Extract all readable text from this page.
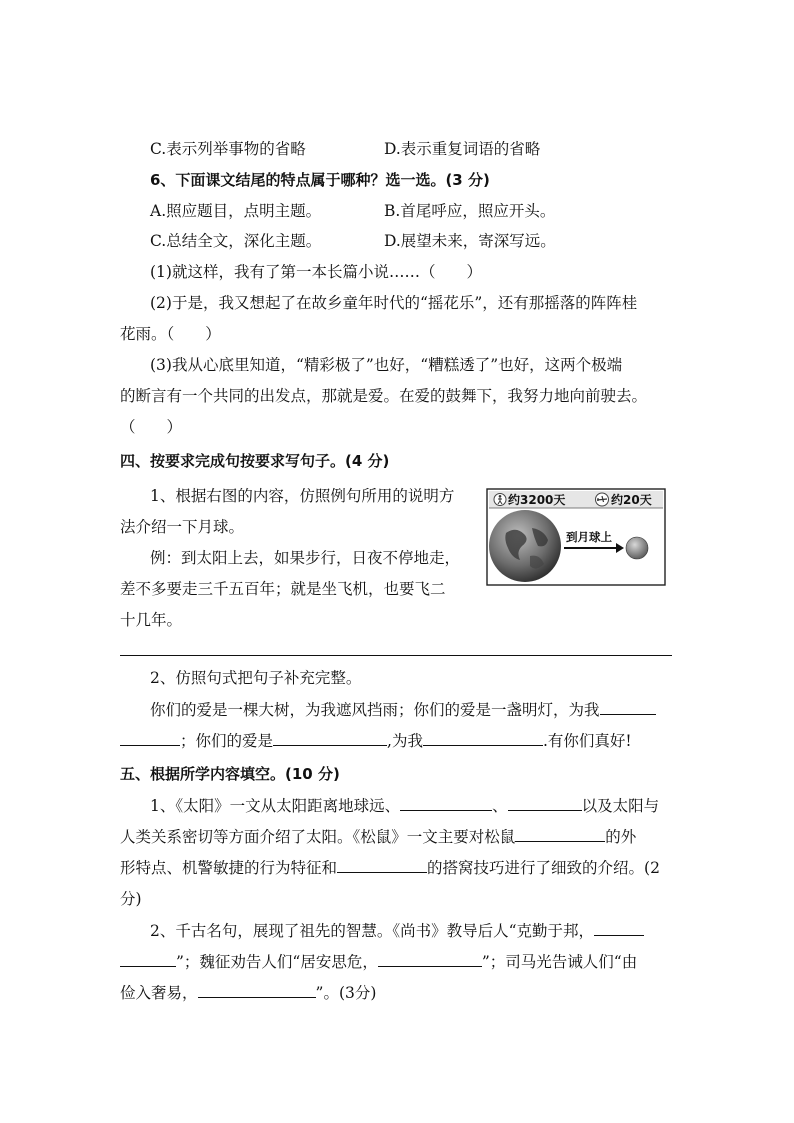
C.表示列举事物的省略	D.表示重复词语的省略
6、下面课文结尾的特点属于哪种？选一选。(3 分)
A.照应题目，点明主题。	B.首尾呼应，照应开头。
C.总结全文，深化主题。	D.展望未来，寄深写远。
(1)就这样，我有了第一本长篇小说……（　　）
(2)于是，我又想起了在故乡童年时代的“摇花乐”，还有那摇落的阵阵桂
花雨。（　　）
(3)我从心底里知道，“精彩极了”也好，“糟糕透了”也好，这两个极端
的断言有一个共同的出发点，那就是爱。在爱的鼓舞下，我努力地向前驶去。
（　　）
四、按要求完成句按要求写句子。(4 分)
1、根据右图的内容，仿照例句所用的说明方
法介绍一下月球。
例：到太阳上去，如果步行，日夜不停地走，
差不多要走三千五百年；就是坐飞机，也要飞二
十几年。
约3200天	约20天
到月球上
2、仿照句式把句子补充完整。
你们的爱是一棵大树，为我遮风挡雨；你们的爱是一盏明灯，为我
；你们的爱是	,为我	.有你们真好!
五、根据所学内容填空。(10 分)
1、《太阳》一文从太阳距离地球远、	、	以及太阳与
人类关系密切等方面介绍了太阳。《松鼠》一文主要对松鼠	的外
形特点、机警敏捷的行为特征和	的搭窝技巧进行了细致的介绍。(2
分)
2、千古名句，展现了祖先的智慧。《尚书》教导后人“克勤于邦，
”；魏征劝告人们“居安思危，	”；司马光告诫人们“由
俭入奢易，	”。(3分)
